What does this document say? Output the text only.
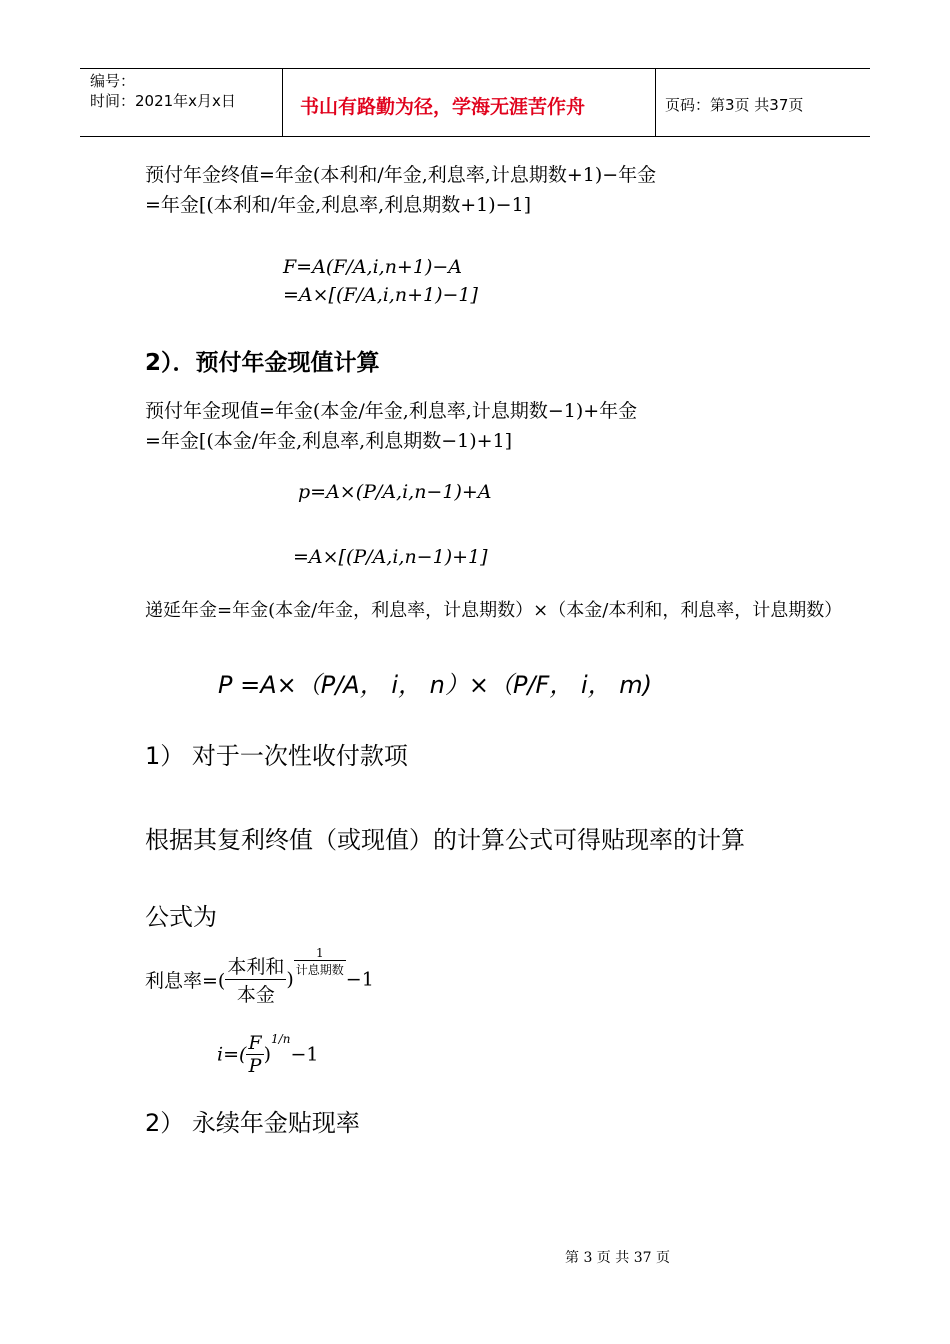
编号：
时间：2021年x月x日	书山有路勤为径，学海无涯苦作舟	页码：第3页 共37页
预付年金终值=年金(本利和/年金,利息率,计息期数+1)−年金
=年金[(本利和/年金,利息率,利息期数+1)−1]
F=A(F/A,i,n+1)−A
=A×[(F/A,i,n+1)−1]
2）．预付年金现值计算
预付年金现值=年金(本金/年金,利息率,计息期数−1)+年金
=年金[(本金/年金,利息率,利息期数−1)+1]
p=A×(P/A,i,n−1)+A
=A×[(P/A,i,n−1)+1]
递延年金=年金(本金/年金，利息率，计息期数）×（本金/本利和，利息率，计息期数）
P =A×（P/A， i， n）×（P/F， i， m)
1） 对于一次性收付款项
根据其复利终值（或现值）的计算公式可得贴现率的计算
公式为
利息率=( $\frac{\text{本利和}}{\text{本金}}$ )
$\frac{1}{\text{计息期数}}$
−1
$i=( \frac{F}{P} )^{1/n}-1$
2） 永续年金贴现率
第 3 页 共 37 页
